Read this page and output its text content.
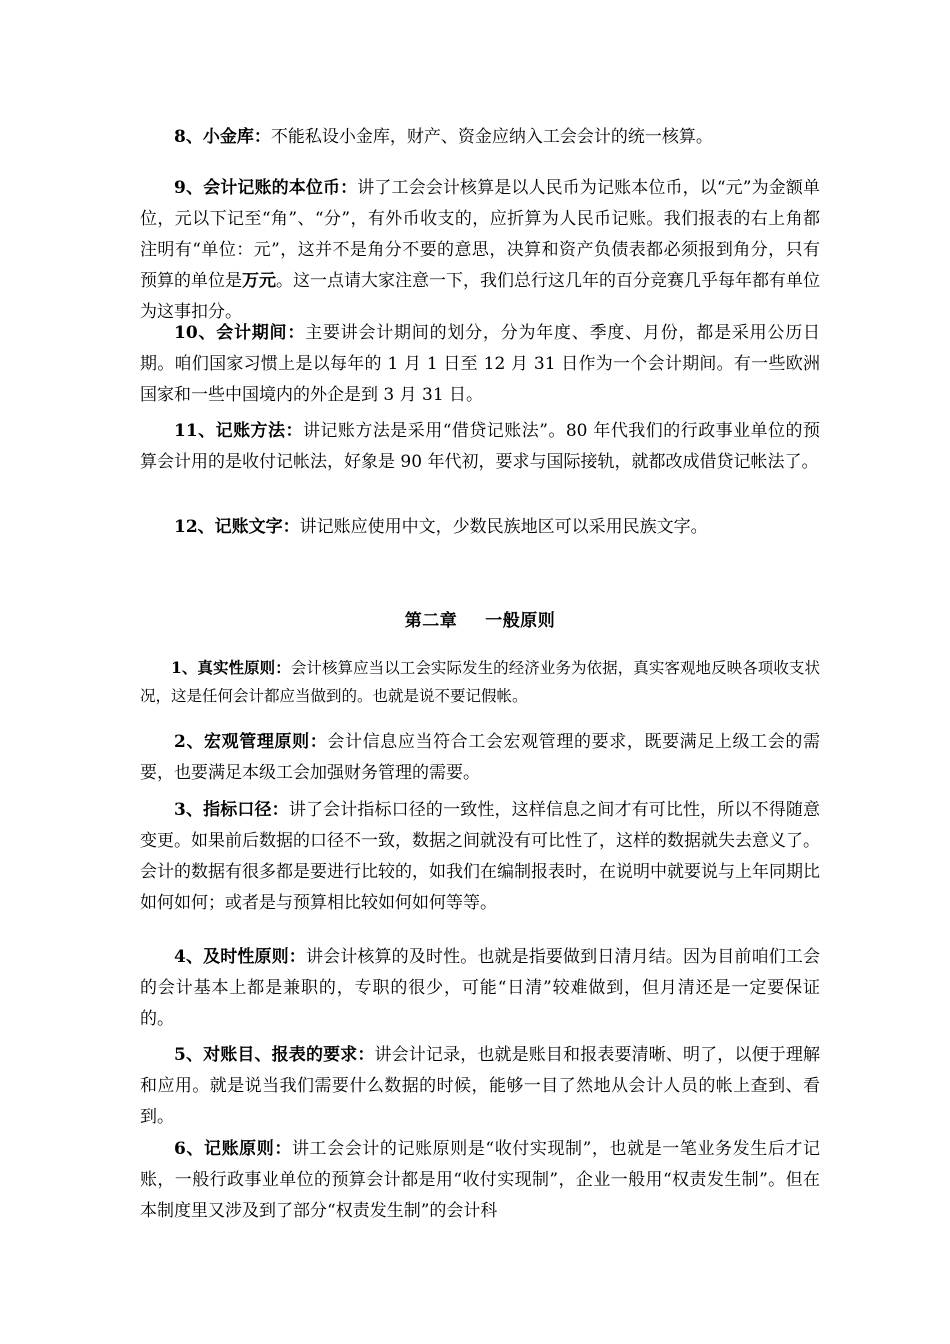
8、小金库：不能私设小金库，财产、资金应纳入工会会计的统一核算。

9、会计记账的本位币：讲了工会会计核算是以人民币为记账本位币，以“元”为金额单位，元以下记至“角”、“分”，有外币收支的，应折算为人民币记账。我们报表的右上角都注明有“单位：元”，这并不是角分不要的意思，决算和资产负债表都必须报到角分，只有预算的单位是万元。这一点请大家注意一下，我们总行这几年的百分竞赛几乎每年都有单位为这事扣分。

10、会计期间：主要讲会计期间的划分，分为年度、季度、月份，都是采用公历日期。咱们国家习惯上是以每年的 1 月 1 日至 12 月 31 日作为一个会计期间。有一些欧洲国家和一些中国境内的外企是到 3 月 31 日。

11、记账方法：讲记账方法是采用“借贷记账法”。80 年代我们的行政事业单位的预算会计用的是收付记帐法，好象是 90 年代初，要求与国际接轨，就都改成借贷记帐法了。

12、记账文字：讲记账应使用中文，少数民族地区可以采用民族文字。

第二章 一般原则

1、真实性原则：会计核算应当以工会实际发生的经济业务为依据，真实客观地反映各项收支状况，这是任何会计都应当做到的。也就是说不要记假帐。

2、宏观管理原则：会计信息应当符合工会宏观管理的要求，既要满足上级工会的需要，也要满足本级工会加强财务管理的需要。

3、指标口径：讲了会计指标口径的一致性，这样信息之间才有可比性，所以不得随意变更。如果前后数据的口径不一致，数据之间就没有可比性了，这样的数据就失去意义了。会计的数据有很多都是要进行比较的，如我们在编制报表时，在说明中就要说与上年同期比如何如何；或者是与预算相比较如何如何等等。

4、及时性原则：讲会计核算的及时性。也就是指要做到日清月结。因为目前咱们工会的会计基本上都是兼职的，专职的很少，可能“日清”较难做到，但月清还是一定要保证的。

5、对账目、报表的要求：讲会计记录，也就是账目和报表要清晰、明了，以便于理解和应用。就是说当我们需要什么数据的时候，能够一目了然地从会计人员的帐上查到、看到。

6、记账原则：讲工会会计的记账原则是“收付实现制”，也就是一笔业务发生后才记账，一般行政事业单位的预算会计都是用“收付实现制”，企业一般用“权责发生制”。但在本制度里又涉及到了部分“权责发生制”的会计科
